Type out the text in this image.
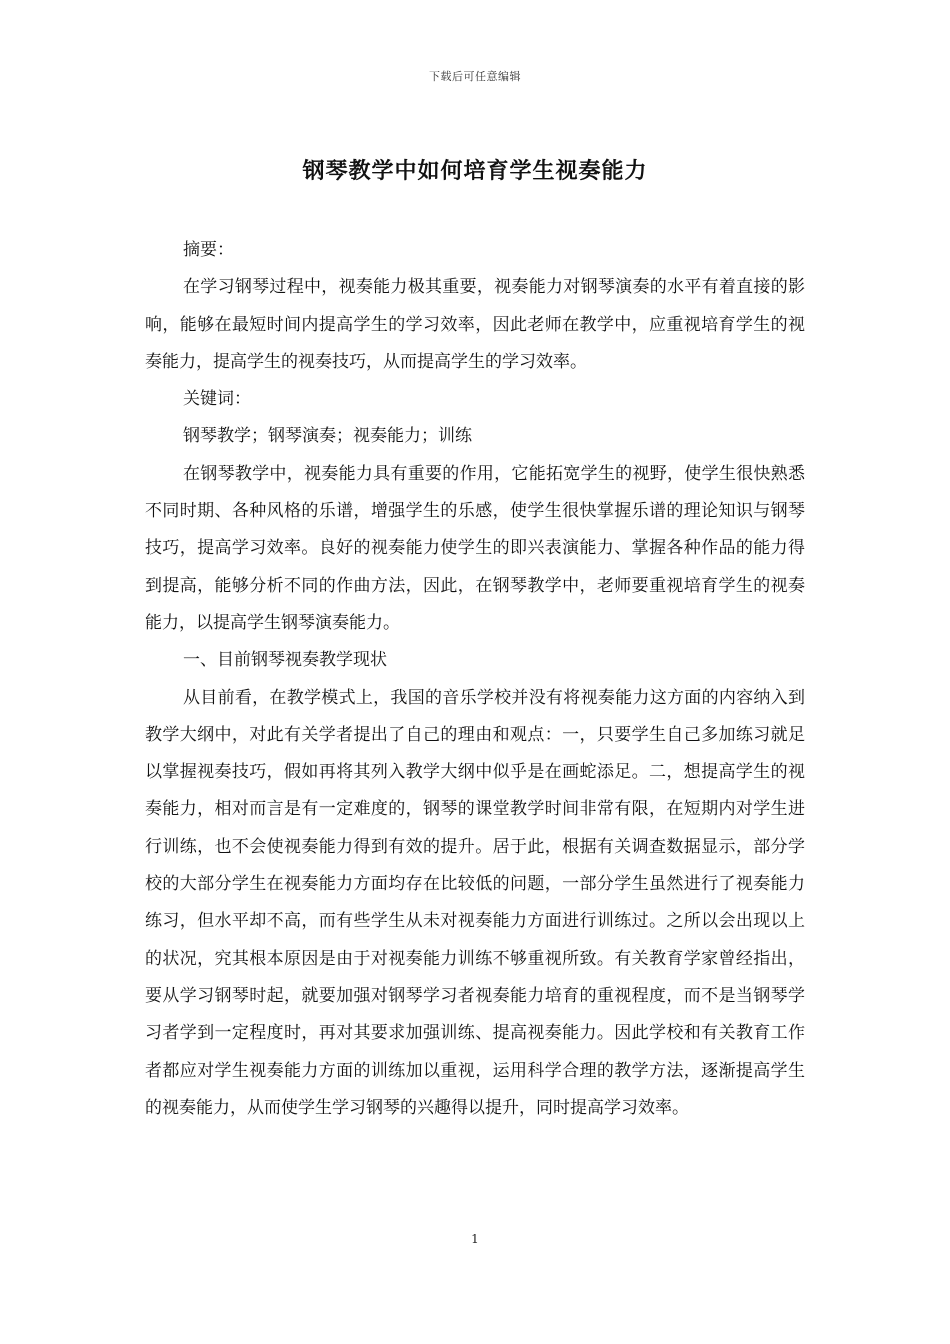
下载后可任意编辑
钢琴教学中如何培育学生视奏能力

摘要：

在学习钢琴过程中，视奏能力极其重要，视奏能力对钢琴演奏的水平有着直接的影响，能够在最短时间内提高学生的学习效率，因此老师在教学中，应重视培育学生的视奏能力，提高学生的视奏技巧，从而提高学生的学习效率。

关键词：

钢琴教学；钢琴演奏；视奏能力；训练

在钢琴教学中，视奏能力具有重要的作用，它能拓宽学生的视野，使学生很快熟悉不同时期、各种风格的乐谱，增强学生的乐感，使学生很快掌握乐谱的理论知识与钢琴技巧，提高学习效率。良好的视奏能力使学生的即兴表演能力、掌握各种作品的能力得到提高，能够分析不同的作曲方法，因此，在钢琴教学中，老师要重视培育学生的视奏能力，以提高学生钢琴演奏能力。

一、目前钢琴视奏教学现状

从目前看，在教学模式上，我国的音乐学校并没有将视奏能力这方面的内容纳入到教学大纲中，对此有关学者提出了自己的理由和观点：一，只要学生自己多加练习就足以掌握视奏技巧，假如再将其列入教学大纲中似乎是在画蛇添足。二，想提高学生的视奏能力，相对而言是有一定难度的，钢琴的课堂教学时间非常有限，在短期内对学生进行训练，也不会使视奏能力得到有效的提升。居于此，根据有关调查数据显示，部分学校的大部分学生在视奏能力方面均存在比较低的问题，一部分学生虽然进行了视奏能力练习，但水平却不高，而有些学生从未对视奏能力方面进行训练过。之所以会出现以上的状况，究其根本原因是由于对视奏能力训练不够重视所致。有关教育学家曾经指出，要从学习钢琴时起，就要加强对钢琴学习者视奏能力培育的重视程度，而不是当钢琴学习者学到一定程度时，再对其要求加强训练、提高视奏能力。因此学校和有关教育工作者都应对学生视奏能力方面的训练加以重视，运用科学合理的教学方法，逐渐提高学生的视奏能力，从而使学生学习钢琴的兴趣得以提升，同时提高学习效率。

1
